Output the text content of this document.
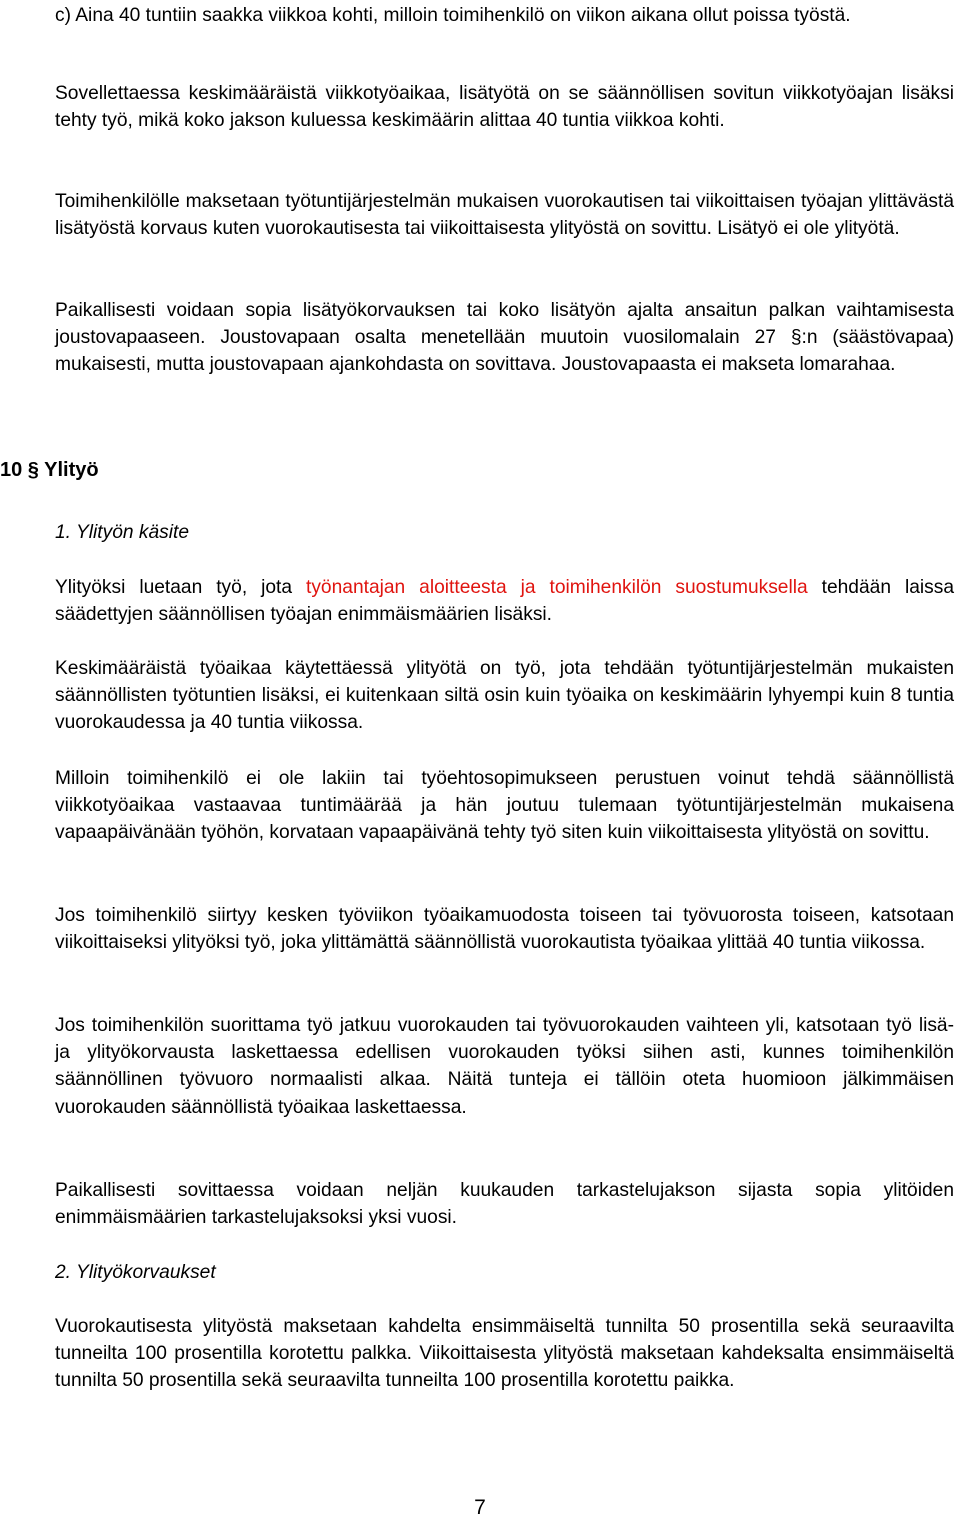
c) Aina 40 tuntiin saakka viikkoa kohti, milloin toimihenkilö on viikon aikana ollut poissa työstä.

Sovellettaessa keskimääräistä viikkotyöaikaa, lisätyötä on se säännöllisen sovitun viikkotyöajan lisäksi tehty työ, mikä koko jakson kuluessa keskimäärin alittaa 40 tuntia viikkoa kohti.

Toimihenkilölle maksetaan työtuntijärjestelmän mukaisen vuorokautisen tai viikoittaisen työajan ylittävästä lisätyöstä korvaus kuten vuorokautisesta tai viikoittaisesta ylityöstä on sovittu. Lisätyö ei ole ylityötä.

Paikallisesti voidaan sopia lisätyökorvauksen tai koko lisätyön ajalta ansaitun palkan vaihtamisesta joustovapaaseen. Joustovapaan osalta menetellään muutoin vuosilomalain 27 §:n (säästövapaa) mukaisesti, mutta joustovapaan ajankohdasta on sovittava. Joustovapaasta ei makseta lomarahaa.

10 § Ylityö

1. Ylityön käsite

Ylityöksi luetaan työ, jota työnantajan aloitteesta ja toimihenkilön suostumuksella tehdään laissa säädettyjen säännöllisen työajan enimmäismäärien lisäksi.

Keskimääräistä työaikaa käytettäessä ylityötä on työ, jota tehdään työtuntijärjestelmän mukaisten säännöllisten työtuntien lisäksi, ei kuitenkaan siltä osin kuin työaika on keskimäärin lyhyempi kuin 8 tuntia vuorokaudessa ja 40 tuntia viikossa.

Milloin toimihenkilö ei ole lakiin tai työehtosopimukseen perustuen voinut tehdä säännöllistä viikkotyöaikaa vastaavaa tuntimäärää ja hän joutuu tulemaan työtuntijärjestelmän mukaisena vapaapäivänään työhön, korvataan vapaapäivänä tehty työ siten kuin viikoittaisesta ylityöstä on sovittu.

Jos toimihenkilö siirtyy kesken työviikon työaikamuodosta toiseen tai työvuorosta toiseen, katsotaan viikoittaiseksi ylityöksi työ, joka ylittämättä säännöllistä vuorokautista työaikaa ylittää 40 tuntia viikossa.

Jos toimihenkilön suorittama työ jatkuu vuorokauden tai työvuorokauden vaihteen yli, katsotaan työ lisä- ja ylityökorvausta laskettaessa edellisen vuorokauden työksi siihen asti, kunnes toimihenkilön säännöllinen työvuoro normaalisti alkaa. Näitä tunteja ei tällöin oteta huomioon jälkimmäisen vuorokauden säännöllistä työaikaa laskettaessa.

Paikallisesti sovittaessa voidaan neljän kuukauden tarkastelujakson sijasta sopia ylitöiden enimmäismäärien tarkastelujaksoksi yksi vuosi.

2. Ylityökorvaukset

Vuorokautisesta ylityöstä maksetaan kahdelta ensimmäiseltä tunnilta 50 prosentilla sekä seuraavilta tunneilta 100 prosentilla korotettu palkka. Viikoittaisesta ylityöstä maksetaan kahdeksalta ensimmäiseltä tunnilta 50 prosentilla sekä seuraavilta tunneilta 100 prosentilla korotettu paikka.

7
